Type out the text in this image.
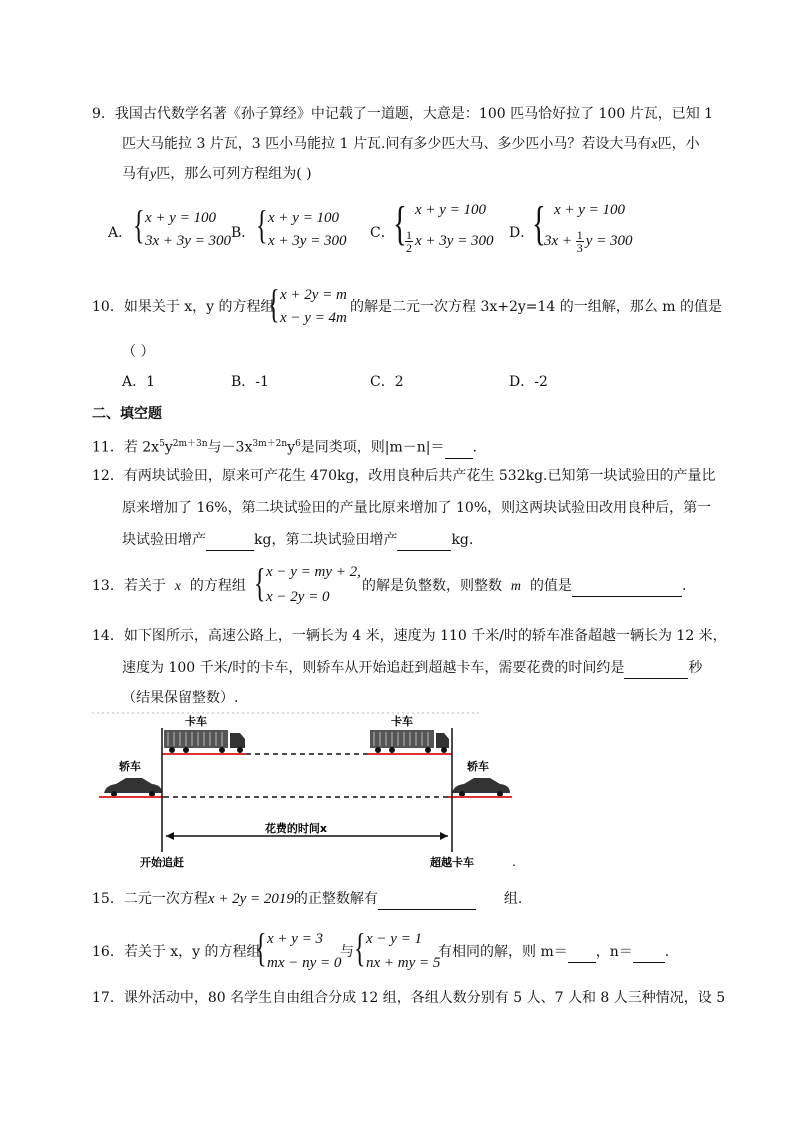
9．我国古代数学名著《孙子算经》中记载了一道题，大意是：100 匹马恰好拉了 100 片瓦，已知 1
匹大马能拉 3 片瓦，3 匹小马能拉 1 片瓦.问有多少匹大马、多少匹小马？若设大马有x匹，小
马有y匹，那么可列方程组为( )
A． { x + y = 100
3x + 3y = 300 B． { x + y = 100
x + 3y = 300 C．
{ x + y = 100
$\frac{1}{2}$ x + 3y = 300 D．
{ x + y = 100
$3x + \frac{1}{3}$ y = 300
10．如果关于 x，y 的方程组
{ x + 2y = m
x − y = 4m
的解是二元一次方程 3x+2y=14 的一组解，那么 m 的值是
（ ）
A．1	B．-1	C．2	D．-2
二、填空题
11．若 $2x^5y^{2m+3n}$与$-3x^{3m+2n}y^6$是同类项，则|m－n|＝ .
12．有两块试验田，原来可产花生 470kg，改用良种后共产花生 532kg.已知第一块试验田的产量比
原来增加了 16%，第二块试验田的产量比原来增加了 10%，则这两块试验田改用良种后，第一
块试验田增产	kg，第二块试验田增产	kg.
13．若关于 x 的方程组 { x − y = my + 2,
x − 2y = 0
的解是负整数，则整数 m 的值是	.
14．如下图所示，高速公路上，一辆长为 4 米，速度为 110 千米/时的轿车准备超越一辆长为 12 米，
速度为 100 千米/时的卡车，则轿车从开始追赶到超越卡车，需要花费的时间约是	秒
（结果保留整数）.
卡车	卡车
轿车	轿车
花费的时间x
开始追赶	超越卡车	.
15．二元一次方程x + 2y = 2019的正整数解有	组.
16．若关于 x，y 的方程组
{ x + y = 3
mx − ny = 0
与 { x − y = 1
nx + my = 5
有相同的解，则 m＝ ，n＝ .
17．课外活动中，80 名学生自由组合分成 12 组，各组人数分别有 5 人、7 人和 8 人三种情况，设 5
